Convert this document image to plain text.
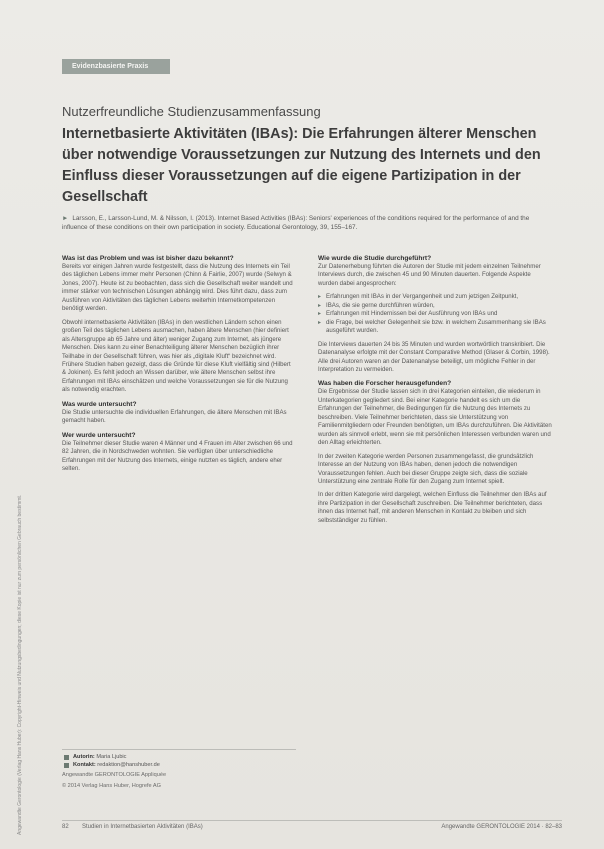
Evidenzbasierte Praxis
Angewandte Gerontologie (Verlag Hans Huber): Copyright-Hinweis und Nutzungsbedingungen; diese Kopie ist nur zum persönlichen Gebrauch bestimmt.
Nutzerfreundliche Studienzusammenfassung
Internetbasierte Aktivitäten (IBAs): Die Erfahrungen älterer Menschen über notwendige Voraussetzungen zur Nutzung des Internets und den Einfluss dieser Voraussetzungen auf die eigene Partizipation in der Gesellschaft
► Larsson, E., Larsson-Lund, M. & Nilsson, I. (2013). Internet Based Activities (IBAs): Seniors' experiences of the conditions required for the performance of and the influence of these conditions on their own participation in society. Educational Gerontology, 39, 155–167.
Was ist das Problem und was ist bisher dazu bekannt?

Bereits vor einigen Jahren wurde festgestellt, dass die Nutzung des Internets ein Teil des täglichen Lebens immer mehr Personen (Chinn & Fairlie, 2007) wurde (Selwyn & Jones, 2007). Heute ist zu beobachten, dass sich die Gesellschaft weiter wandelt und immer stärker von technischen Lösungen abhängig wird. Dies führt dazu, dass zum Ausführen von Aktivitäten des täglichen Lebens weiterhin Internetkompetenzen benötigt werden.

Obwohl internetbasierte Aktivitäten (IBAs) in den westlichen Ländern schon einen großen Teil des täglichen Lebens ausmachen, haben ältere Menschen (hier definiert als Altersgruppe ab 65 Jahre und älter) weniger Zugang zum Internet, als jüngere Menschen. Dies kann zu einer Benachteiligung älterer Menschen bezüglich ihrer Teilhabe in der Gesellschaft führen, was hier als „digitale Kluft“ bezeichnet wird. Frühere Studien haben gezeigt, dass die Gründe für diese Kluft vielfältig sind (Hilbert & Jokinen). Es fehlt jedoch an Wissen darüber, wie ältere Menschen selbst ihre Erfahrungen mit IBAs einschätzen und welche Voraussetzungen sie für die Nutzung als notwendig erachten.

Was wurde untersucht?

Die Studie untersuchte die individuellen Erfahrungen, die ältere Menschen mit IBAs gemacht haben.

Wer wurde untersucht?

Die Teilnehmer dieser Studie waren 4 Männer und 4 Frauen im Alter zwischen 66 und 82 Jahren, die in Nordschweden wohnten. Sie verfügten über unterschiedliche Erfahrungen mit der Nutzung des Internets, einige nutzten es täglich, andere eher selten.

Autorin:
Maria Ljubic
Kontakt:
redaktion@hanshuber.de
Angewandte GERONTOLOGIE Appliquée
© 2014 Verlag Hans Huber, Hogrefe AG
Wie wurde die Studie durchgeführt?

Zur Datenerhebung führten die Autoren der Studie mit jedem einzelnen Teilnehmer Interviews durch, die zwischen 45 und 90 Minuten dauerten. Folgende Aspekte wurden dabei angesprochen:

▸ Erfahrungen mit IBAs in der Vergangenheit und zum jetzigen Zeitpunkt,
▸ IBAs, die sie gerne durchführen würden,
▸ Erfahrungen mit Hindernissen bei der Ausführung von IBAs und
▸ die Frage, bei welcher Gelegenheit sie bzw. in welchem Zusammenhang sie IBAs ausgeführt wurden.

Die Interviews dauerten 24 bis 35 Minuten und wurden wortwörtlich transkribiert. Die Datenanalyse erfolgte mit der Constant Comparative Method (Glaser & Corbin, 1998). Alle drei Autoren waren an der Datenanalyse beteiligt, um mögliche Fehler in der Interpretation zu vermeiden.

Was haben die Forscher herausgefunden?

Die Ergebnisse der Studie lassen sich in drei Kategorien einteilen, die wiederum in Unterkategorien gegliedert sind. Bei einer Kategorie handelt es sich um die Erfahrungen der Teilnehmer, die Bedingungen für die Nutzung des Internets zu beschreiben. Viele Teilnehmer berichteten, dass sie Unterstützung von Familienmitgliedern oder Freunden benötigten, um IBAs durchzuführen. Die Aktivitäten wurden als sinnvoll erlebt, wenn sie mit persönlichen Interessen verbunden waren und den Alltag erleichterten.

In der zweiten Kategorie werden Personen zusammengefasst, die grundsätzlich Interesse an der Nutzung von IBAs haben, denen jedoch die notwendigen Voraussetzungen fehlen. Auch bei dieser Gruppe zeigte sich, dass die soziale Unterstützung eine zentrale Rolle für den Zugang zum Internet spielt.

In der dritten Kategorie wird dargelegt, welchen Einfluss die Teilnehmer den IBAs auf ihre Partizipation in der Gesellschaft zuschreiben. Die Teilnehmer berichteten, dass ihnen das Internet half, mit anderen Menschen in Kontakt zu bleiben und sich selbstständiger zu fühlen.

82 Studien in Internetbasierten Aktivitäten (IBAs)	Angewandte GERONTOLOGIE 2014 · 82–83
